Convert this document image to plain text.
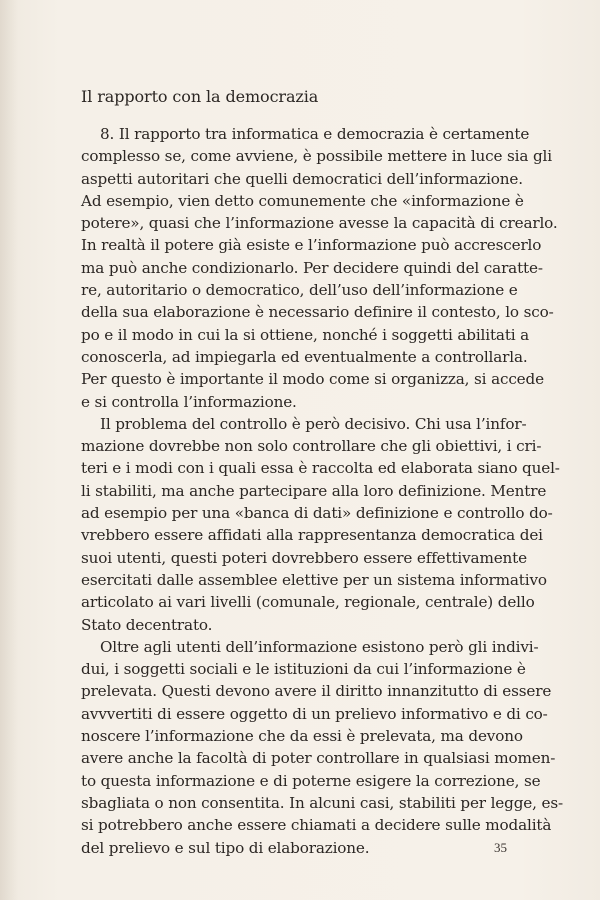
Il rapporto con la democrazia
8. Il rapporto tra informatica e democrazia è certamente
complesso se, come avviene, è possibile mettere in luce sia gli
aspetti autoritari che quelli democratici dell’informazione.
Ad esempio, vien detto comunemente che «informazione è
potere», quasi che l’informazione avesse la capacità di crearlo.
In realtà il potere già esiste e l’informazione può accrescerlo
ma può anche condizionarlo. Per decidere quindi del caratte-
re, autoritario o democratico, dell’uso dell’informazione e
della sua elaborazione è necessario definire il contesto, lo sco-
po e il modo in cui la si ottiene, nonché i soggetti abilitati a
conoscerla, ad impiegarla ed eventualmente a controllarla.
Per questo è importante il modo come si organizza, si accede
e si controlla l’informazione.
Il problema del controllo è però decisivo. Chi usa l’infor-
mazione dovrebbe non solo controllare che gli obiettivi, i cri-
teri e i modi con i quali essa è raccolta ed elaborata siano quel-
li stabiliti, ma anche partecipare alla loro definizione. Mentre
ad esempio per una «banca di dati» definizione e controllo do-
vrebbero essere affidati alla rappresentanza democratica dei
suoi utenti, questi poteri dovrebbero essere effettivamente
esercitati dalle assemblee elettive per un sistema informativo
articolato ai vari livelli (comunale, regionale, centrale) dello
Stato decentrato.
Oltre agli utenti dell’informazione esistono però gli indivi-
dui, i soggetti sociali e le istituzioni da cui l’informazione è
prelevata. Questi devono avere il diritto innanzitutto di essere
avvvertiti di essere oggetto di un prelievo informativo e di co-
noscere l’informazione che da essi è prelevata, ma devono
avere anche la facoltà di poter controllare in qualsiasi momen-
to questa informazione e di poterne esigere la correzione, se
sbagliata o non consentita. In alcuni casi, stabiliti per legge, es-
si potrebbero anche essere chiamati a decidere sulle modalità
del prelievo e sul tipo di elaborazione.	35
